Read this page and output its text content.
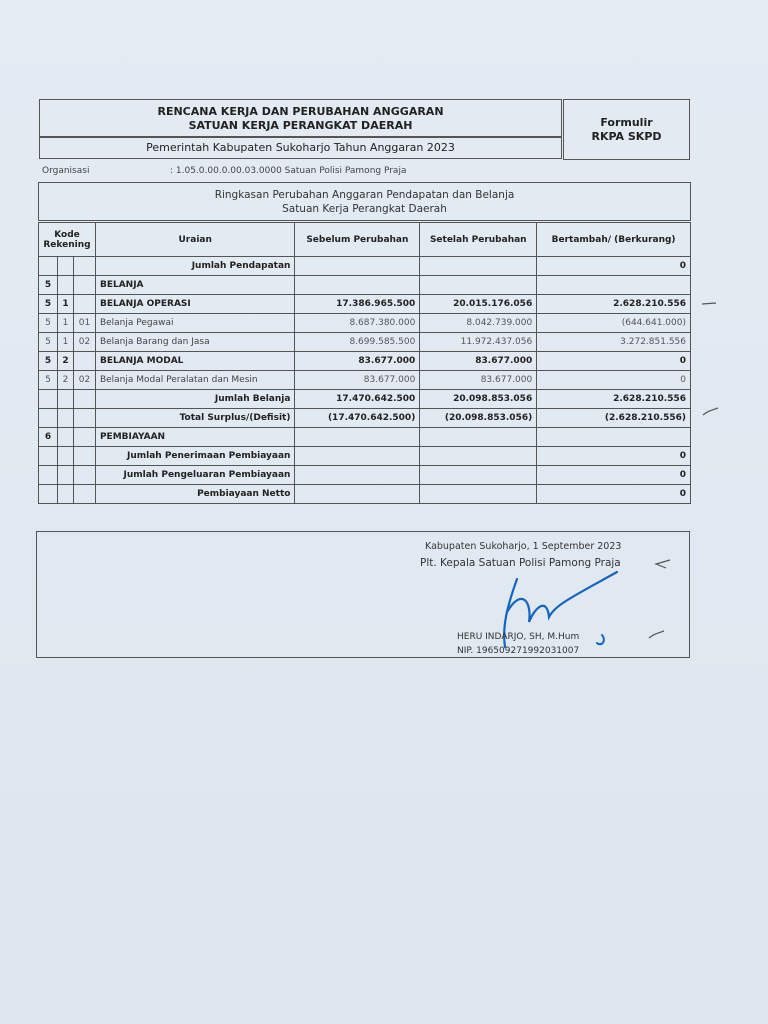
RENCANA KERJA DAN PERUBAHAN ANGGARAN
SATUAN KERJA PERANGKAT DAERAH
Pemerintah Kabupaten Sukoharjo Tahun Anggaran 2023
Formulir
RKPA SKPD
Organisasi	: 1.05.0.00.0.00.03.0000 Satuan Polisi Pamong Praja
Ringkasan Perubahan Anggaran Pendapatan dan Belanja
Satuan Kerja Perangkat Daerah
Kode Rekening			Uraian	Sebelum Perubahan	Setelah Perubahan	Bertambah/ (Berkurang)
			Jumlah Pendapatan			0
5			BELANJA			
5	1		BELANJA OPERASI	17.386.965.500	20.015.176.056	2.628.210.556
5	1	01	Belanja Pegawai	8.687.380.000	8.042.739.000	(644.641.000)
5	1	02	Belanja Barang dan Jasa	8.699.585.500	11.972.437.056	3.272.851.556
5	2		BELANJA MODAL	83.677.000	83.677.000	0
5	2	02	Belanja Modal Peralatan dan Mesin	83.677.000	83.677.000	0
			Jumlah Belanja	17.470.642.500	20.098.853.056	2.628.210.556
			Total Surplus/(Defisit)	(17.470.642.500)	(20.098.853.056)	(2.628.210.556)
6			PEMBIAYAAN			
			Jumlah Penerimaan Pembiayaan			0
			Jumlah Pengeluaran Pembiayaan			0
			Pembiayaan Netto			0
Kabupaten Sukoharjo, 1 September 2023
Plt. Kepala Satuan Polisi Pamong Praja
HERU INDARJO, SH, M.Hum
NIP. 196509271992031007
